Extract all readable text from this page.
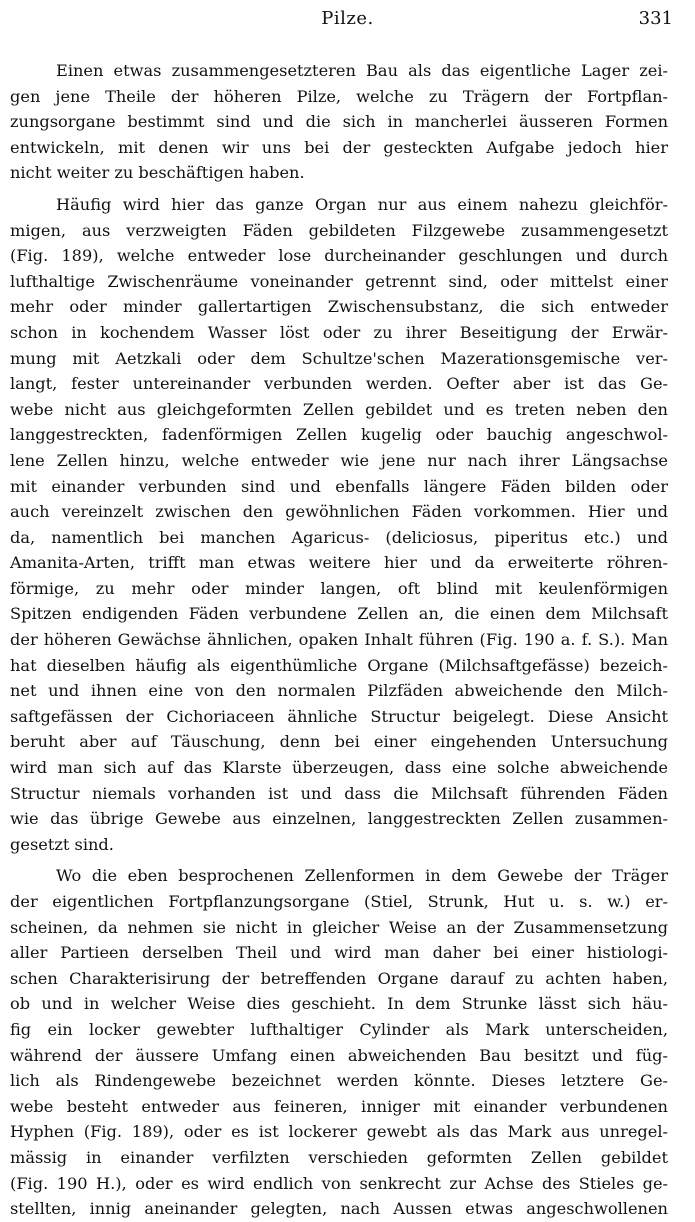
Pilze.	331
Einen etwas zusammengesetzteren Bau als das eigentliche Lager zei-
gen jene Theile der höheren Pilze, welche zu Trägern der Fortpflan-
zungsorgane bestimmt sind und die sich in mancherlei äusseren Formen
entwickeln, mit denen wir uns bei der gesteckten Aufgabe jedoch hier
nicht weiter zu beschäftigen haben.
Häufig wird hier das ganze Organ nur aus einem nahezu gleichför-
migen, aus verzweigten Fäden gebildeten Filzgewebe zusammengesetzt
(Fig. 189), welche entweder lose durcheinander geschlungen und durch
lufthaltige Zwischenräume voneinander getrennt sind, oder mittelst einer
mehr oder minder gallertartigen Zwischensubstanz, die sich entweder
schon in kochendem Wasser löst oder zu ihrer Beseitigung der Erwär-
mung mit Aetzkali oder dem Schultze'schen Mazerationsgemische ver-
langt, fester untereinander verbunden werden. Oefter aber ist das Ge-
webe nicht aus gleichgeformten Zellen gebildet und es treten neben den
langgestreckten, fadenförmigen Zellen kugelig oder bauchig angeschwol-
lene Zellen hinzu, welche entweder wie jene nur nach ihrer Längsachse
mit einander verbunden sind und ebenfalls längere Fäden bilden oder
auch vereinzelt zwischen den gewöhnlichen Fäden vorkommen. Hier und
da, namentlich bei manchen Agaricus- (deliciosus, piperitus etc.) und
Amanita-Arten, trifft man etwas weitere hier und da erweiterte röhren-
förmige, zu mehr oder minder langen, oft blind mit keulenförmigen
Spitzen endigenden Fäden verbundene Zellen an, die einen dem Milchsaft
der höheren Gewächse ähnlichen, opaken Inhalt führen (Fig. 190 a. f. S.). Man
hat dieselben häufig als eigenthümliche Organe (Milchsaftgefässe) bezeich-
net und ihnen eine von den normalen Pilzfäden abweichende den Milch-
saftgefässen der Cichoriaceen ähnliche Structur beigelegt. Diese Ansicht
beruht aber auf Täuschung, denn bei einer eingehenden Untersuchung
wird man sich auf das Klarste überzeugen, dass eine solche abweichende
Structur niemals vorhanden ist und dass die Milchsaft führenden Fäden
wie das übrige Gewebe aus einzelnen, langgestreckten Zellen zusammen-
gesetzt sind.
Wo die eben besprochenen Zellenformen in dem Gewebe der Träger
der eigentlichen Fortpflanzungsorgane (Stiel, Strunk, Hut u. s. w.) er-
scheinen, da nehmen sie nicht in gleicher Weise an der Zusammensetzung
aller Partieen derselben Theil und wird man daher bei einer histiologi-
schen Charakterisirung der betreffenden Organe darauf zu achten haben,
ob und in welcher Weise dies geschieht. In dem Strunke lässt sich häu-
fig ein locker gewebter lufthaltiger Cylinder als Mark unterscheiden,
während der äussere Umfang einen abweichenden Bau besitzt und füg-
lich als Rindengewebe bezeichnet werden könnte. Dieses letztere Ge-
webe besteht entweder aus feineren, inniger mit einander verbundenen
Hyphen (Fig. 189), oder es ist lockerer gewebt als das Mark aus unregel-
mässig in einander verfilzten verschieden geformten Zellen gebildet
(Fig. 190 H.), oder es wird endlich von senkrecht zur Achse des Stieles ge-
stellten, innig aneinander gelegten, nach Aussen etwas angeschwollenen
